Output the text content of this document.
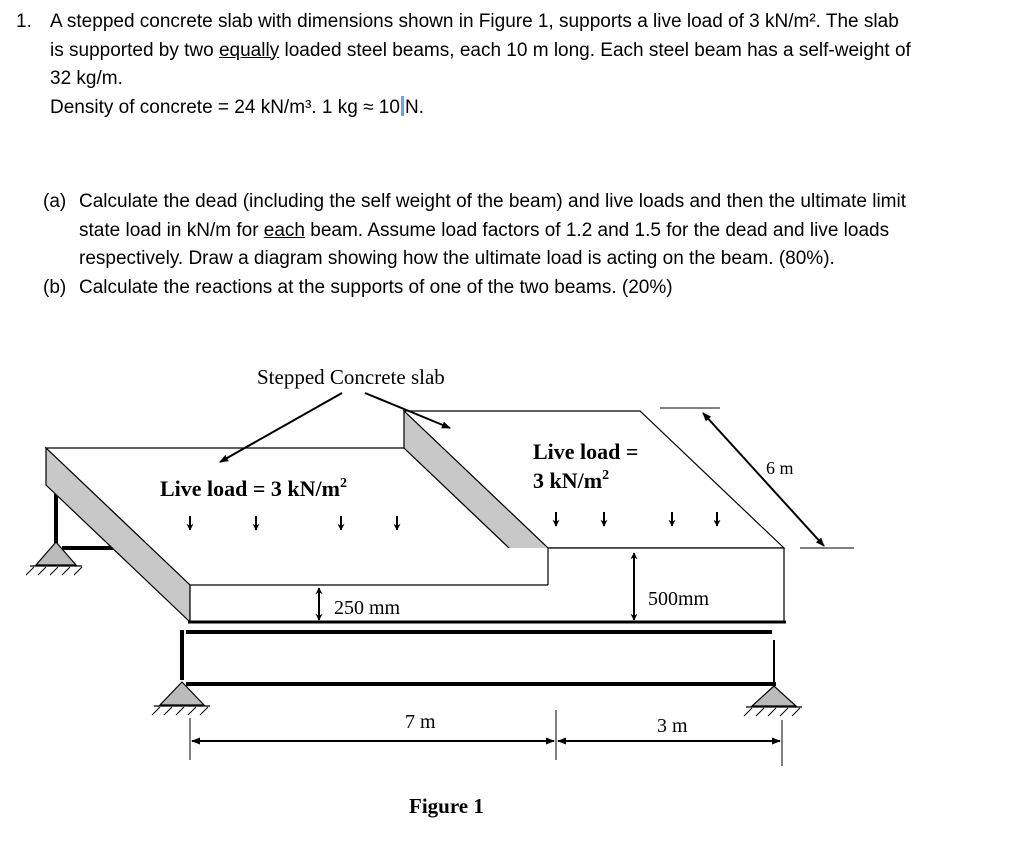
1. A stepped concrete slab with dimensions shown in Figure 1, supports a live load of 3 kN/m². The slab
is supported by two equally loaded steel beams, each 10 m long. Each steel beam has a self-weight of
32 kg/m.
Density of concrete = 24 kN/m³. 1 kg ≈ 10 N.
(a) Calculate the dead (including the self weight of the beam) and live loads and then the ultimate limit
state load in kN/m for each beam. Assume load factors of 1.2 and 1.5 for the dead and live loads
respectively. Draw a diagram showing how the ultimate load is acting on the beam. (80%).
(b) Calculate the reactions at the supports of one of the two beams. (20%)
Stepped Concrete slab
Live load = 3 $kN/m^2$
Live load =
3 $kN/m^2$	6 m
250 mm	500mm
7 m	3 m
Figure 1
